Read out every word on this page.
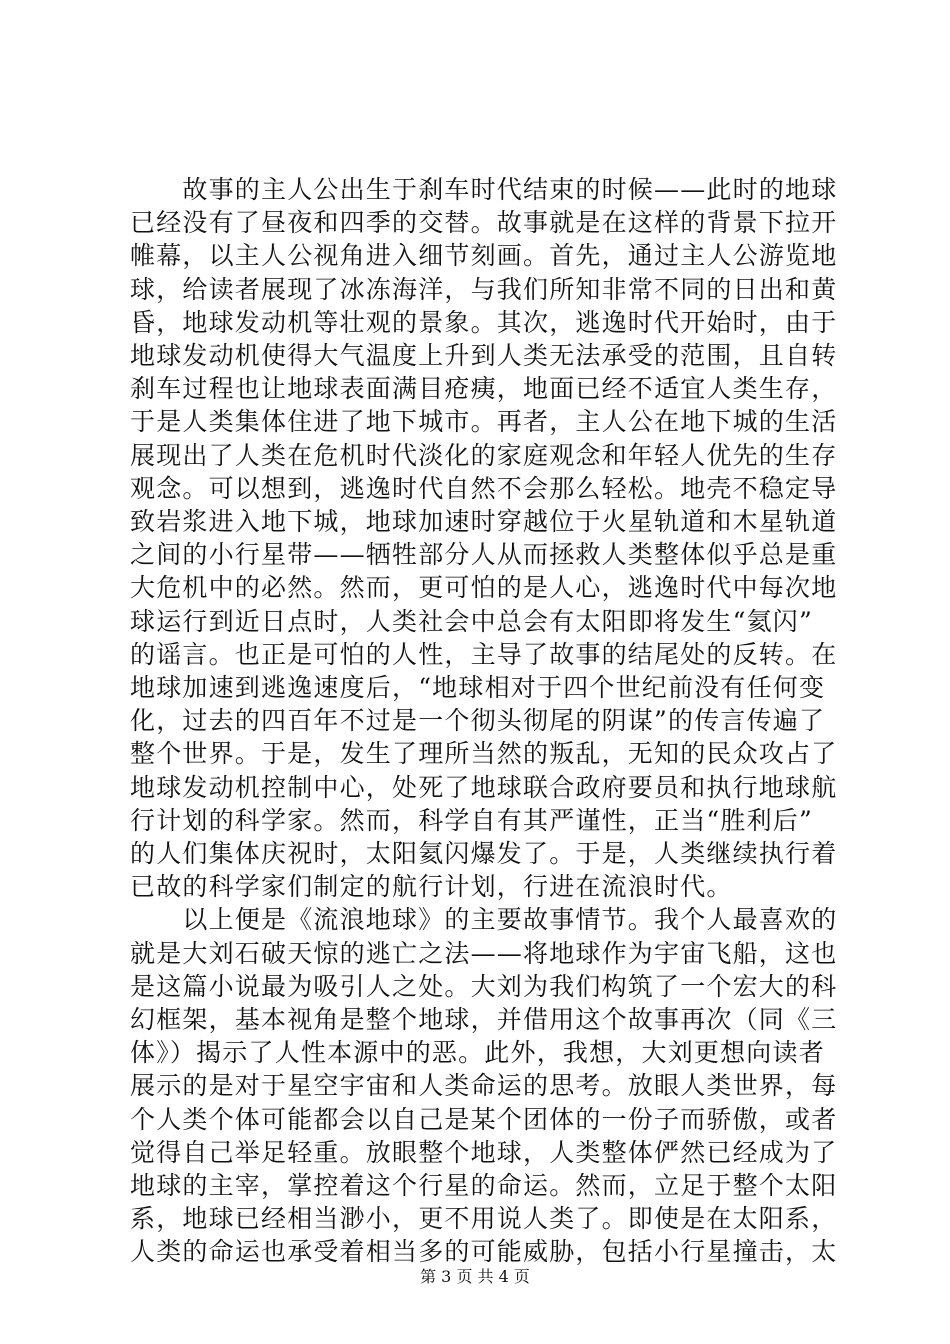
　　故事的主人公出生于刹车时代结束的时候——此时的地球
已经没有了昼夜和四季的交替。故事就是在这样的背景下拉开
帷幕，以主人公视角进入细节刻画。首先，通过主人公游览地
球，给读者展现了冰冻海洋，与我们所知非常不同的日出和黄
昏，地球发动机等壮观的景象。其次，逃逸时代开始时，由于
地球发动机使得大气温度上升到人类无法承受的范围，且自转
刹车过程也让地球表面满目疮痍，地面已经不适宜人类生存，
于是人类集体住进了地下城市。再者，主人公在地下城的生活
展现出了人类在危机时代淡化的家庭观念和年轻人优先的生存
观念。可以想到，逃逸时代自然不会那么轻松。地壳不稳定导
致岩浆进入地下城，地球加速时穿越位于火星轨道和木星轨道
之间的小行星带——牺牲部分人从而拯救人类整体似乎总是重
大危机中的必然。然而，更可怕的是人心，逃逸时代中每次地
球运行到近日点时，人类社会中总会有太阳即将发生“氦闪”
的谣言。也正是可怕的人性，主导了故事的结尾处的反转。在
地球加速到逃逸速度后，“地球相对于四个世纪前没有任何变
化，过去的四百年不过是一个彻头彻尾的阴谋”的传言传遍了
整个世界。于是，发生了理所当然的叛乱，无知的民众攻占了
地球发动机控制中心，处死了地球联合政府要员和执行地球航
行计划的科学家。然而，科学自有其严谨性，正当“胜利后”
的人们集体庆祝时，太阳氦闪爆发了。于是，人类继续执行着
已故的科学家们制定的航行计划，行进在流浪时代。
　　以上便是《流浪地球》的主要故事情节。我个人最喜欢的
就是大刘石破天惊的逃亡之法——将地球作为宇宙飞船，这也
是这篇小说最为吸引人之处。大刘为我们构筑了一个宏大的科
幻框架，基本视角是整个地球，并借用这个故事再次（同《三
体》）揭示了人性本源中的恶。此外，我想，大刘更想向读者
展示的是对于星空宇宙和人类命运的思考。放眼人类世界，每
个人类个体可能都会以自己是某个团体的一份子而骄傲，或者
觉得自己举足轻重。放眼整个地球，人类整体俨然已经成为了
地球的主宰，掌控着这个行星的命运。然而，立足于整个太阳
系，地球已经相当渺小，更不用说人类了。即使是在太阳系，
人类的命运也承受着相当多的可能威胁，包括小行星撞击，太
第 3 页 共 4 页
